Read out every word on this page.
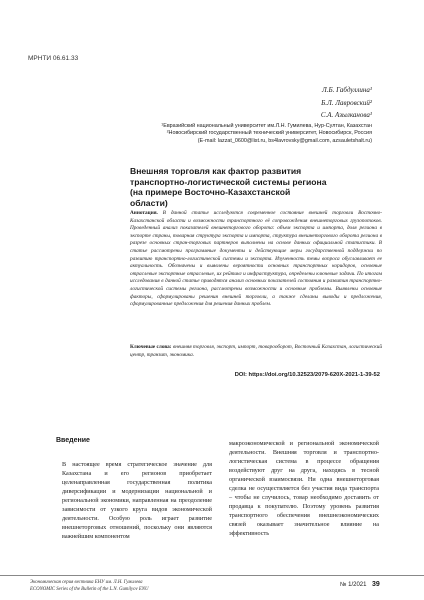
МРНТИ 06.61.33
Л.Б. Габдуллина¹
Б.Л. Лавровский²
С.А. Азылканова¹
¹Евразийский национальный университет им.Л.Н. Гумилева, Нур-Султан, Казахстан
²Новосибирский государственный технический университет, Новосибирск, Россия
(E-mail: lazzat_0600@list.ru, bs4lavrovsky@gmail.com, azsauletshalt.ru)
Внешняя торговля как фактор развития транспортно-логистической системы региона (на примере Восточно-Казахстанской области)
Аннотация. В данной статье исследуются современное состояние внешней торговли Восточно-Казахстанской области и возможности транспортного её сопровождения внешнеторговых грузопотоков. Проведенный анализ показателей внешнеторгового оборота: объем экспорта и импорта, доля региона в экспорте страны, товарная структура экспорта и импорта, структура внешнеторгового оборота региона в разрезе основных стран-торговых партнеров выполнены на основе данных официальной статистики. В статье рассмотрены программные документы и действующие меры государственной поддержки по развитию транспортно-логистической системы и экспорта. Изученность темы вопроса обуславливает ее актуальность. Обозначены и выявлены вероятности основных транспортных коридоров, основные отраслевые экспортные отраслевые, их рейтинг и инфраструктура, определены ключевые задачи. По итогам исследования в данной статье приводятся анализ основных показателей состояния и развития транспортно-логистической системы региона, рассмотрены возможности и основные проблемы. Выявлены основные факторы, сформулированы решения внешней торговли, а также сделаны выводы и предложения, сформулированные предложения для решения данных проблем.
Ключевые слова: внешняя торговля, экспорт, импорт, товарооборот, Восточный Казахстан, логистический центр, транзит, экономика.
DOI: https://doi.org/10.32523/2079-620X-2021-1-39-52
Введение
В настоящее время стратегическое значение для Казахстана и его регионов приобретает целенаправленная государственная политика диверсификации и модернизации национальной и региональной экономики, направленная на преодоление зависимости от узкого круга видов экономической деятельности. Особую роль играет развитие внешнеторговых отношений, поскольку они являются важнейшим компонентом
макроэкономической и региональной экономической деятельности. Внешняя торговля и транспортно-логистическая система в процессе обращения воздействуют друг на друга, находясь в тесной органической взаимосвязи. Ни одна внешнеторговая сделка не осуществляется без участия вида транспорта – чтобы не случилось, товар необходимо доставить от продавца к покупателю. Поэтому уровень развития транспортного обеспечения внешнеэкономических связей оказывает значительное влияние на эффективность
Экономическая серия вестника ЕНУ им. Л.Н. Гумилева
ECONOMIC Series of the Bulletin of the L.N. Gumilyov ENU
№ 1/2021 39
